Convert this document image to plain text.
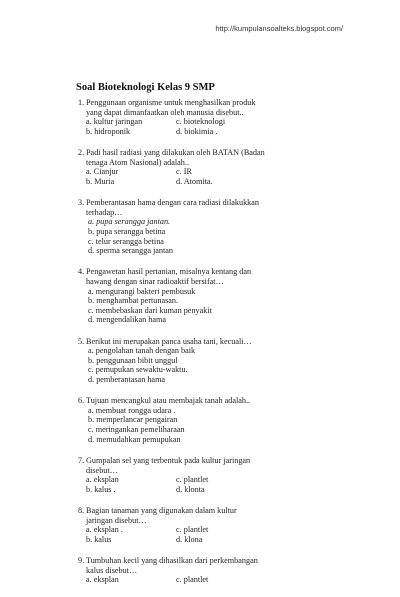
http://kumpulansoalteks.blogspot.com/
Soal Bioteknologi Kelas 9 SMP
1. Penggunaan organisme untuk menghasilkan produk
yang dapat dimanfaatkan oleh manusia disebut..
a. kultur jaringan	c. bioteknologi
b. hidroponik	d. biokimia .
2. Padi hasil radiasi yang dilakukan oleh BATAN (Badan
tenaga Atom Nasional) adalah..
a. Cianjur	c. IR
b. Muria	d. Atomita.
3. Pemberantasan hama dengan cara radiasi dilakukkan
terhadap…
a. pupa serangga jantan.
b. pupa serangga betina
c. telur serangga betina
d. sperma serangga jantan
4. Pengawetan hasil pertanian, misalnya kentang dan
hawang dengan sinar radioaktif bersifat…
a. mengurangi bakteri pembusuk
b. menghambat pertunasan.
c. membebaskan dari kuman penyakit
d. mengendalikan hama
5. Berikut ini merupakan panca usaha tani, kecuali…
a. pengolahan tanah dengan baik
b. penggunaan bibit unggul
c. pemupukan sewaktu-waktu.
d. pemberantasan hama
6. Tujuan mencangkul atau membajak tanah adalah..
a. membuat rongga udara .
b. memperlancar pengairan
c. meringankan pemeliharaan
d. memudahkan pemupukan
7. Gumpalan sel yang terbentuk pada kultur jaringan
disebut…
a. eksplan	c. plantlet
b. kalus .	d. klonta
8. Bagian tanaman yang digunakan dalam kultur
jaringan disebut…
a. eksplan .	c. plantlet
b. kalus	d. klona
9. Tumbuhan kecil yang dihasilkan dari perkembangan
kalus disebut…
a. eksplan	c. plantlet
